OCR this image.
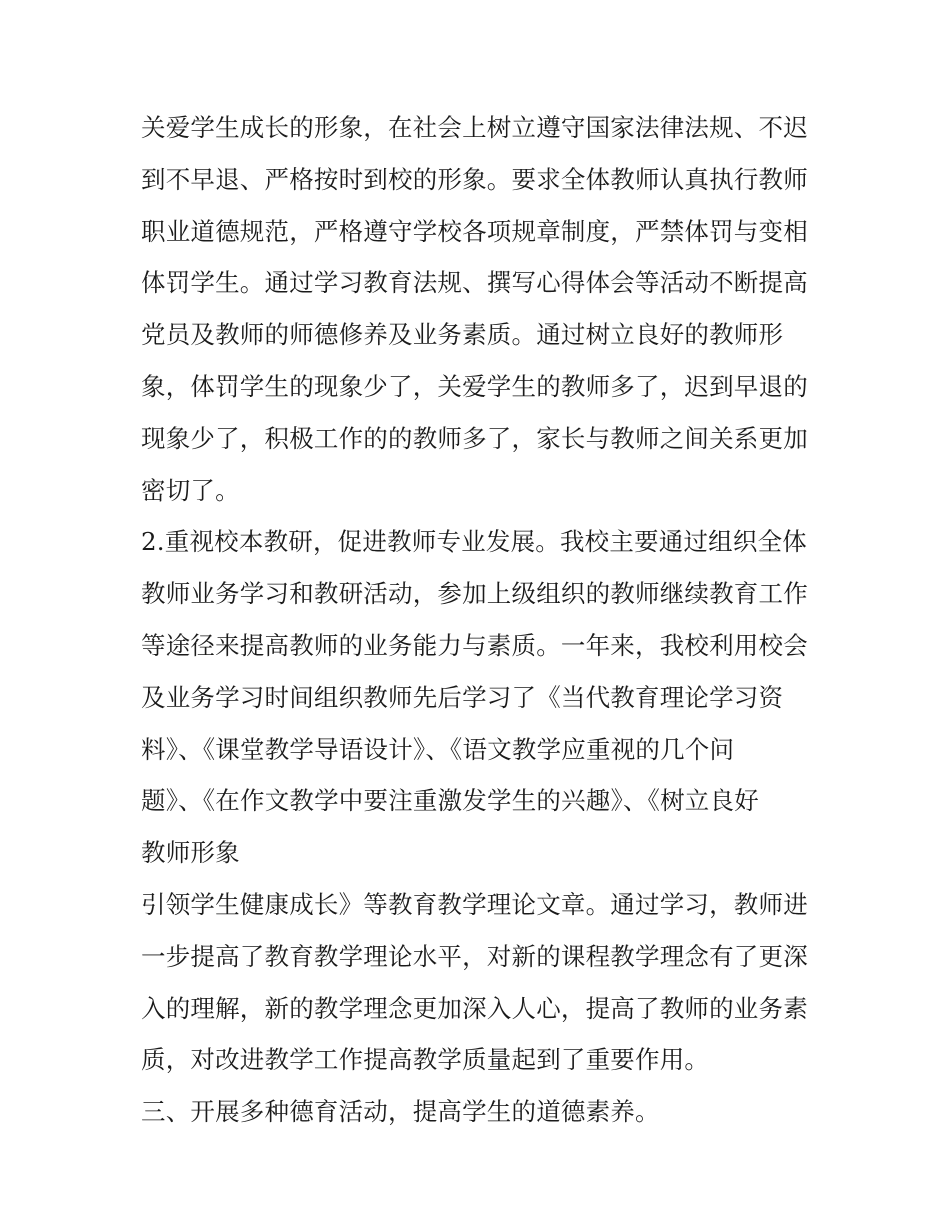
关爱学生成长的形象，在社会上树立遵守国家法律法规、不迟
到不早退、严格按时到校的形象。要求全体教师认真执行教师
职业道德规范，严格遵守学校各项规章制度，严禁体罚与变相
体罚学生。通过学习教育法规、撰写心得体会等活动不断提高
党员及教师的师德修养及业务素质。通过树立良好的教师形
象，体罚学生的现象少了，关爱学生的教师多了，迟到早退的
现象少了，积极工作的的教师多了，家长与教师之间关系更加
密切了。
2.重视校本教研，促进教师专业发展。我校主要通过组织全体
教师业务学习和教研活动，参加上级组织的教师继续教育工作
等途径来提高教师的业务能力与素质。一年来，我校利用校会
及业务学习时间组织教师先后学习了《当代教育理论学习资
料》、《课堂教学导语设计》、《语文教学应重视的几个问
题》、《在作文教学中要注重激发学生的兴趣》、《树立良好
教师形象
引领学生健康成长》等教育教学理论文章。通过学习，教师进
一步提高了教育教学理论水平，对新的课程教学理念有了更深
入的理解，新的教学理念更加深入人心，提高了教师的业务素
质，对改进教学工作提高教学质量起到了重要作用。
三、开展多种德育活动，提高学生的道德素养。
